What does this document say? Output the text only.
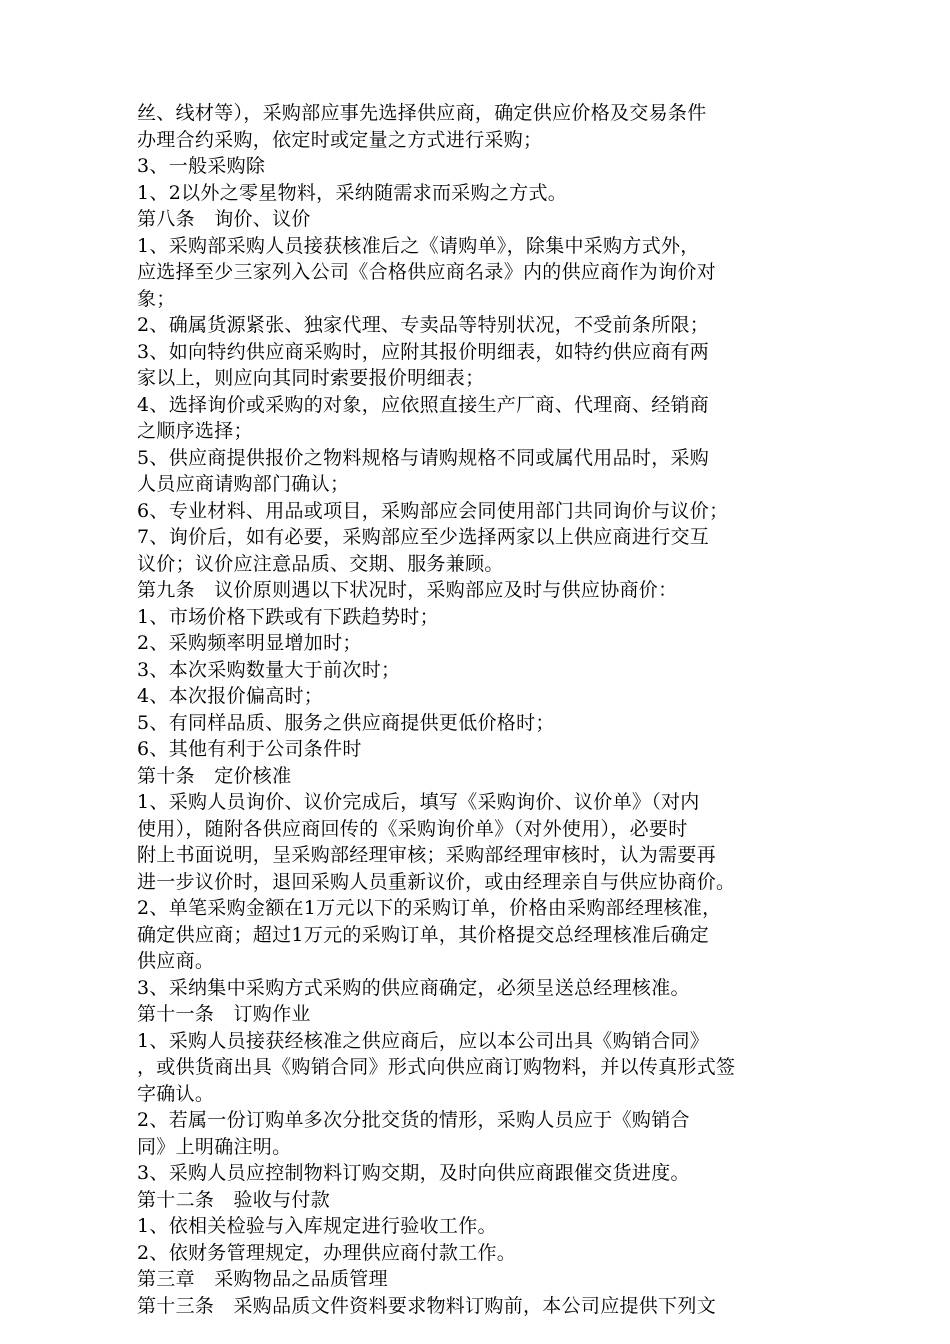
丝、线材等），采购部应事先选择供应商，确定供应价格及交易条件
办理合约采购，依定时或定量之方式进行采购；
3、一般采购除
1、2以外之零星物料，采纳随需求而采购之方式。
第八条　询价、议价
1、采购部采购人员接获核准后之《请购单》，除集中采购方式外，
应选择至少三家列入公司《合格供应商名录》内的供应商作为询价对
象；
2、确属货源紧张、独家代理、专卖品等特别状况，不受前条所限；
3、如向特约供应商采购时，应附其报价明细表，如特约供应商有两
家以上，则应向其同时索要报价明细表；
4、选择询价或采购的对象，应依照直接生产厂商、代理商、经销商
之顺序选择；
5、供应商提供报价之物料规格与请购规格不同或属代用品时，采购
人员应商请购部门确认；
6、专业材料、用品或项目，采购部应会同使用部门共同询价与议价；
7、询价后，如有必要，采购部应至少选择两家以上供应商进行交互
议价；议价应注意品质、交期、服务兼顾。
第九条　议价原则遇以下状况时，采购部应及时与供应协商价：
1、市场价格下跌或有下跌趋势时；
2、采购频率明显增加时；
3、本次采购数量大于前次时；
4、本次报价偏高时；
5、有同样品质、服务之供应商提供更低价格时；
6、其他有利于公司条件时
第十条　定价核准
1、采购人员询价、议价完成后，填写《采购询价、议价单》（对内
使用），随附各供应商回传的《采购询价单》（对外使用），必要时
附上书面说明，呈采购部经理审核；采购部经理审核时，认为需要再
进一步议价时，退回采购人员重新议价，或由经理亲自与供应协商价。
2、单笔采购金额在1万元以下的采购订单，价格由采购部经理核准，
确定供应商；超过1万元的采购订单，其价格提交总经理核准后确定
供应商。
3、采纳集中采购方式采购的供应商确定，必须呈送总经理核准。
第十一条　订购作业
1、采购人员接获经核准之供应商后，应以本公司出具《购销合同》
，或供货商出具《购销合同》形式向供应商订购物料，并以传真形式签
字确认。
2、若属一份订购单多次分批交货的情形，采购人员应于《购销合
同》上明确注明。
3、采购人员应控制物料订购交期，及时向供应商跟催交货进度。
第十二条　验收与付款
1、依相关检验与入库规定进行验收工作。
2、依财务管理规定，办理供应商付款工作。
第三章　采购物品之品质管理
第十三条　采购品质文件资料要求物料订购前，本公司应提供下列文
